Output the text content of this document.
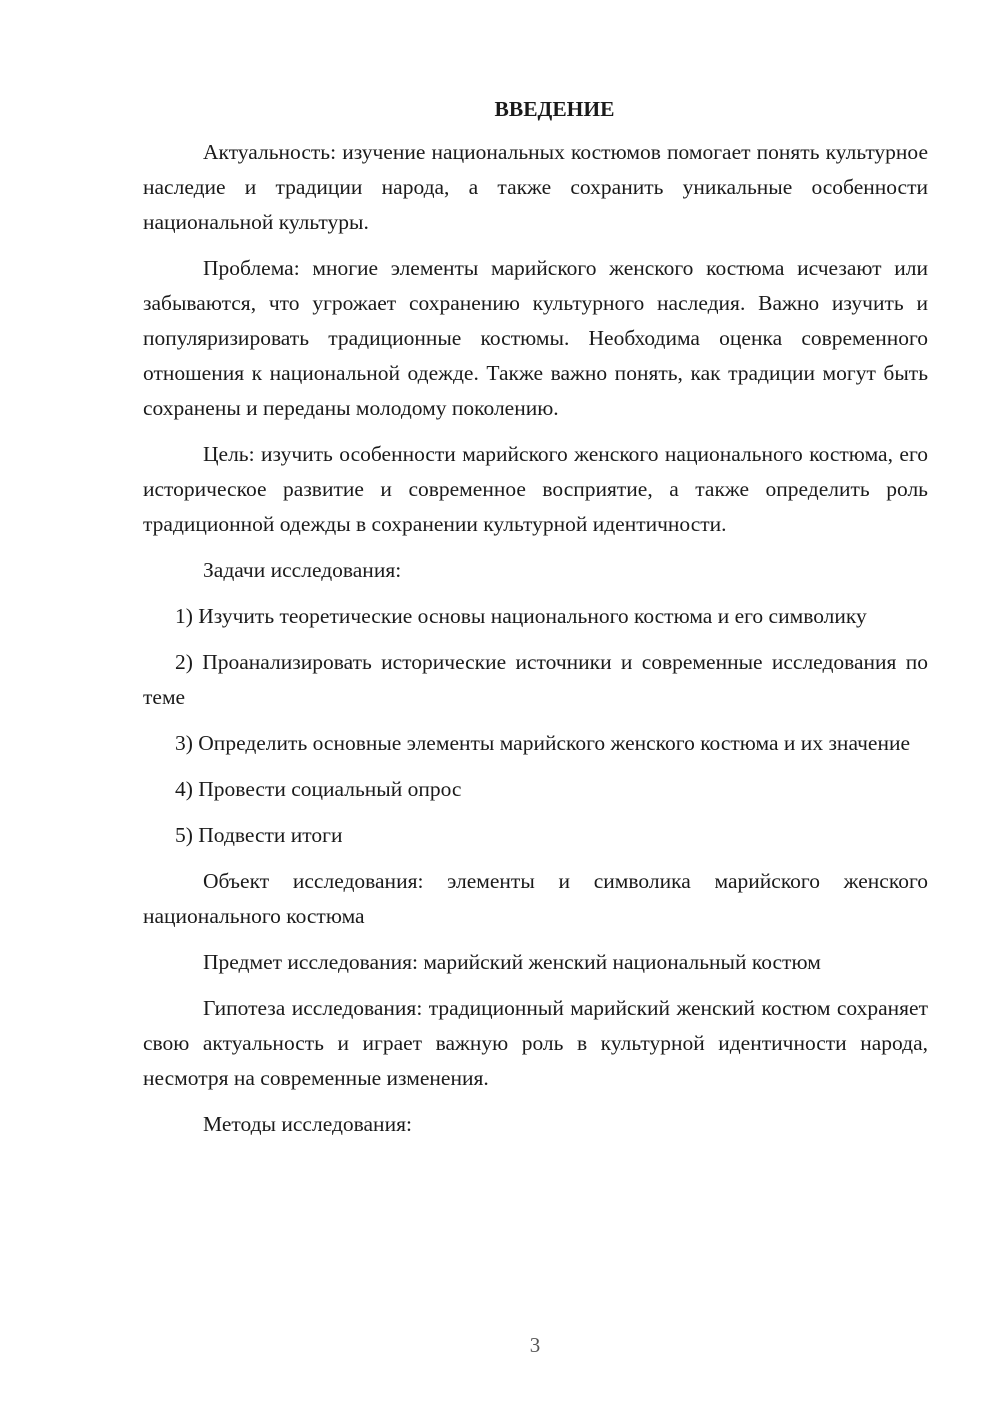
ВВЕДЕНИЕ

Актуальность: изучение национальных костюмов помогает понять культурное наследие и традиции народа, а также сохранить уникальные особенности национальной культуры.

Проблема: многие элементы марийского женского костюма исчезают или забываются, что угрожает сохранению культурного наследия. Важно изучить и популяризировать традиционные костюмы. Необходима оценка современного отношения к национальной одежде. Также важно понять, как традиции могут быть сохранены и переданы молодому поколению.

Цель: изучить особенности марийского женского национального костюма, его историческое развитие и современное восприятие, а также определить роль традиционной одежды в сохранении культурной идентичности.

Задачи исследования:

1) Изучить теоретические основы национального костюма и его символику

2) Проанализировать исторические источники и современные исследования по теме

3) Определить основные элементы марийского женского костюма и их значение

4) Провести социальный опрос

5) Подвести итоги

Объект исследования: элементы и символика марийского женского национального костюма

Предмет исследования: марийский женский национальный костюм

Гипотеза исследования: традиционный марийский женский костюм сохраняет свою актуальность и играет важную роль в культурной идентичности народа, несмотря на современные изменения.

Методы исследования:

3
